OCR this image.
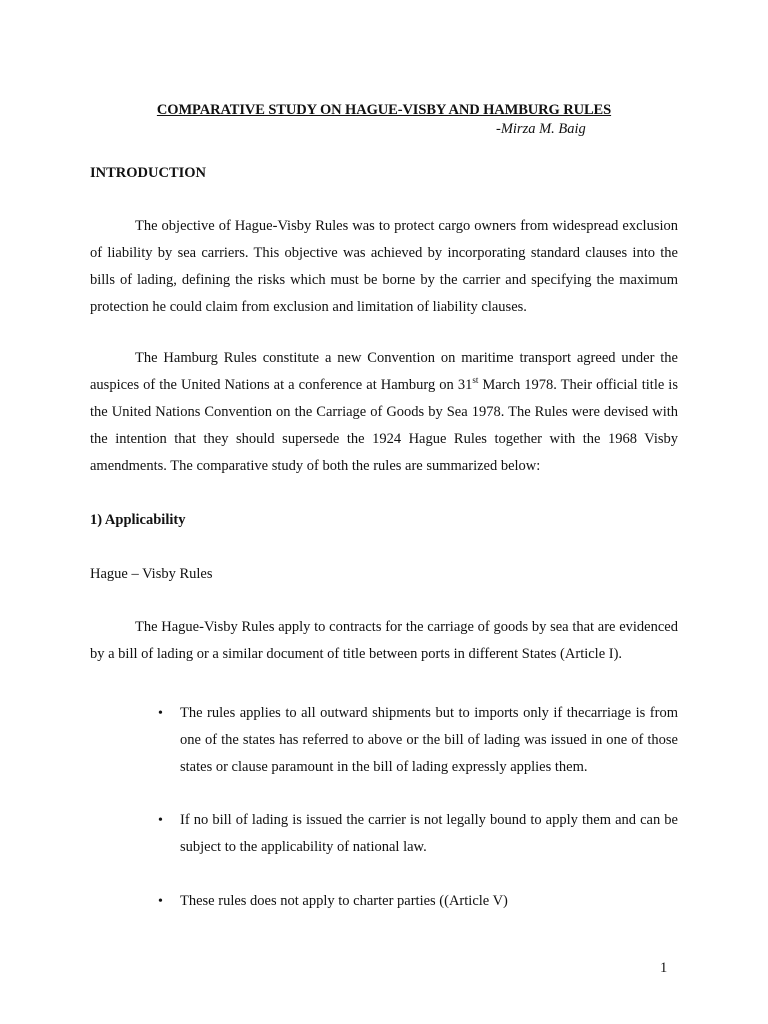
COMPARATIVE STUDY ON HAGUE-VISBY AND HAMBURG RULES
-Mirza M. Baig
INTRODUCTION
The objective of Hague-Visby Rules was to protect cargo owners from widespread exclusion of liability by sea carriers. This objective was achieved by incorporating standard clauses into the bills of lading, defining the risks which must be borne by the carrier and specifying the maximum protection he could claim from exclusion and limitation of liability clauses.
The Hamburg Rules constitute a new Convention on maritime transport agreed under the auspices of the United Nations at a conference at Hamburg on 31st March 1978. Their official title is the United Nations Convention on the Carriage of Goods by Sea 1978. The Rules were devised with the intention that they should supersede the 1924 Hague Rules together with the 1968 Visby amendments. The comparative study of both the rules are summarized below:
1) Applicability
Hague – Visby Rules
The Hague-Visby Rules apply to contracts for the carriage of goods by sea that are evidenced by a bill of lading or a similar document of title between ports in different States (Article I).
• The rules applies to all outward shipments but to imports only if thecarriage is from one of the states has referred to above or the bill of lading was issued in one of those states or clause paramount in the bill of lading expressly applies them.
• If no bill of lading is issued the carrier is not legally bound to apply them and can be subject to the applicability of national law.
• These rules does not apply to charter parties ((Article V)
1
